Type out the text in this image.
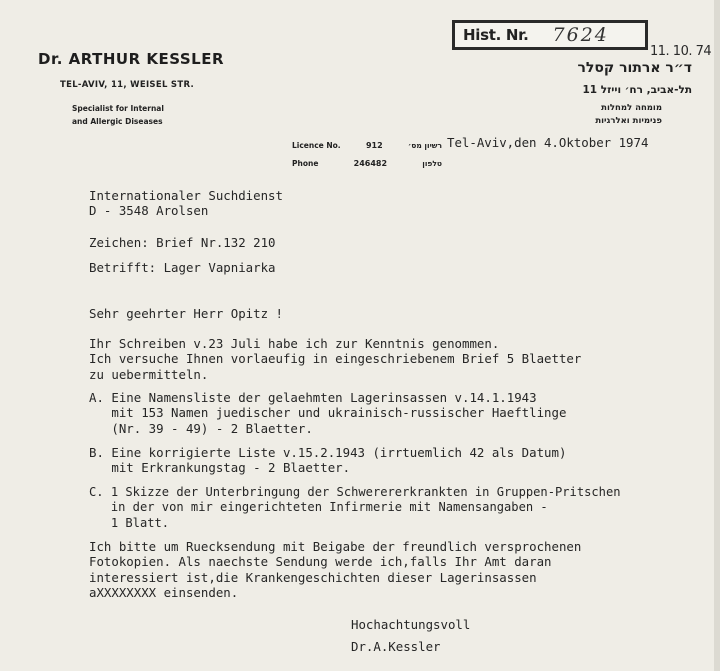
Dr. ARTHUR KESSLER
TEL-AVIV, 11, WEISEL STR.
Specialist for Internal
and Allergic Diseases
ד״ר ארתור קסלר
תל-אביב, רח׳ וייזל 11
מומחה למחלות
פנימיות ואלרגיות
Hist. Nr. 7624
11. 10. 74
Licence No.	912	רשיון מס׳
Phone	246482	טלפון
Tel-Aviv,den 4.Oktober 1974
Internationaler Suchdienst
D - 3548 Arolsen
Zeichen: Brief Nr.132 210
Betrifft: Lager Vapniarka
Sehr geehrter Herr Opitz !
Ihr Schreiben v.23 Juli habe ich zur Kenntnis genommen.
Ich versuche Ihnen vorlaeufig in eingeschriebenem Brief 5 Blaetter
zu uebermitteln.
A. Eine Namensliste der gelaehmten Lagerinsassen v.14.1.1943
mit 153 Namen juedischer und ukrainisch-russischer Haeftlinge
(Nr. 39 - 49) - 2 Blaetter.
B. Eine korrigierte Liste v.15.2.1943 (irrtuemlich 42 als Datum)
mit Erkrankungstag - 2 Blaetter.
C. 1 Skizze der Unterbringung der Schwerererkrankten in Gruppen-Pritschen
in der von mir eingerichteten Infirmerie mit Namensangaben -
1 Blatt.
Ich bitte um Ruecksendung mit Beigabe der freundlich versprochenen
Fotokopien. Als naechste Sendung werde ich,falls Ihr Amt daran
interessiert ist,die Krankengeschichten dieser Lagerinsassen
aXXXXXXXX einsenden.
Hochachtungsvoll
Dr.A.Kessler
